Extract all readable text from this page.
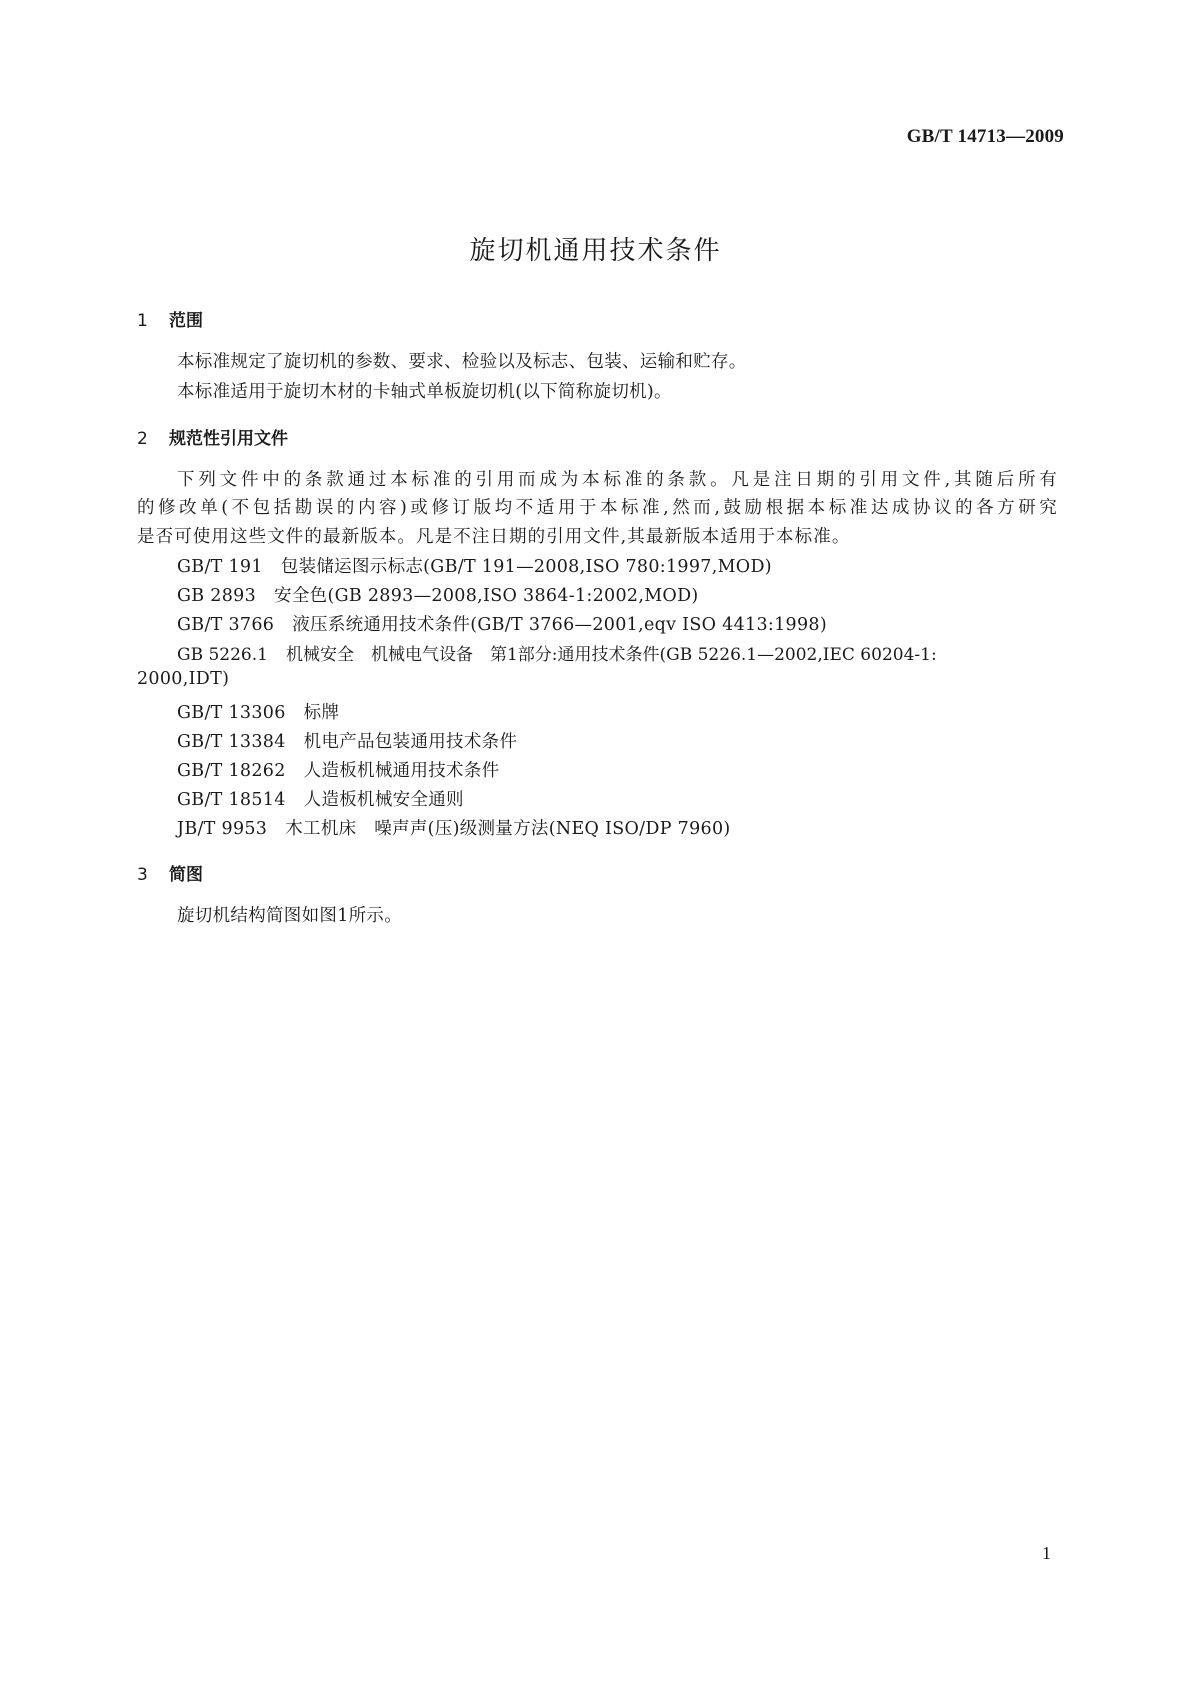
GB/T 14713—2009
旋切机通用技术条件
1 范围
本标准规定了旋切机的参数、要求、检验以及标志、包装、运输和贮存。
本标准适用于旋切木材的卡轴式单板旋切机(以下简称旋切机)。
2 规范性引用文件
下列文件中的条款通过本标准的引用而成为本标准的条款。凡是注日期的引用文件,其随后所有
的修改单(不包括勘误的内容)或修订版均不适用于本标准,然而,鼓励根据本标准达成协议的各方研究
是否可使用这些文件的最新版本。凡是不注日期的引用文件,其最新版本适用于本标准。
GB/T 191 包装储运图示标志(GB/T 191—2008,ISO 780:1997,MOD)
GB 2893 安全色(GB 2893—2008,ISO 3864-1:2002,MOD)
GB/T 3766 液压系统通用技术条件(GB/T 3766—2001,eqv ISO 4413:1998)
GB 5226.1 机械安全　机械电气设备　第1部分:通用技术条件(GB 5226.1—2002,IEC 60204-1:
2000,IDT)
GB/T 13306 标牌
GB/T 13384 机电产品包装通用技术条件
GB/T 18262 人造板机械通用技术条件
GB/T 18514 人造板机械安全通则
JB/T 9953 木工机床　噪声声(压)级测量方法(NEQ ISO/DP 7960)
3 简图
旋切机结构简图如图1所示。
1
